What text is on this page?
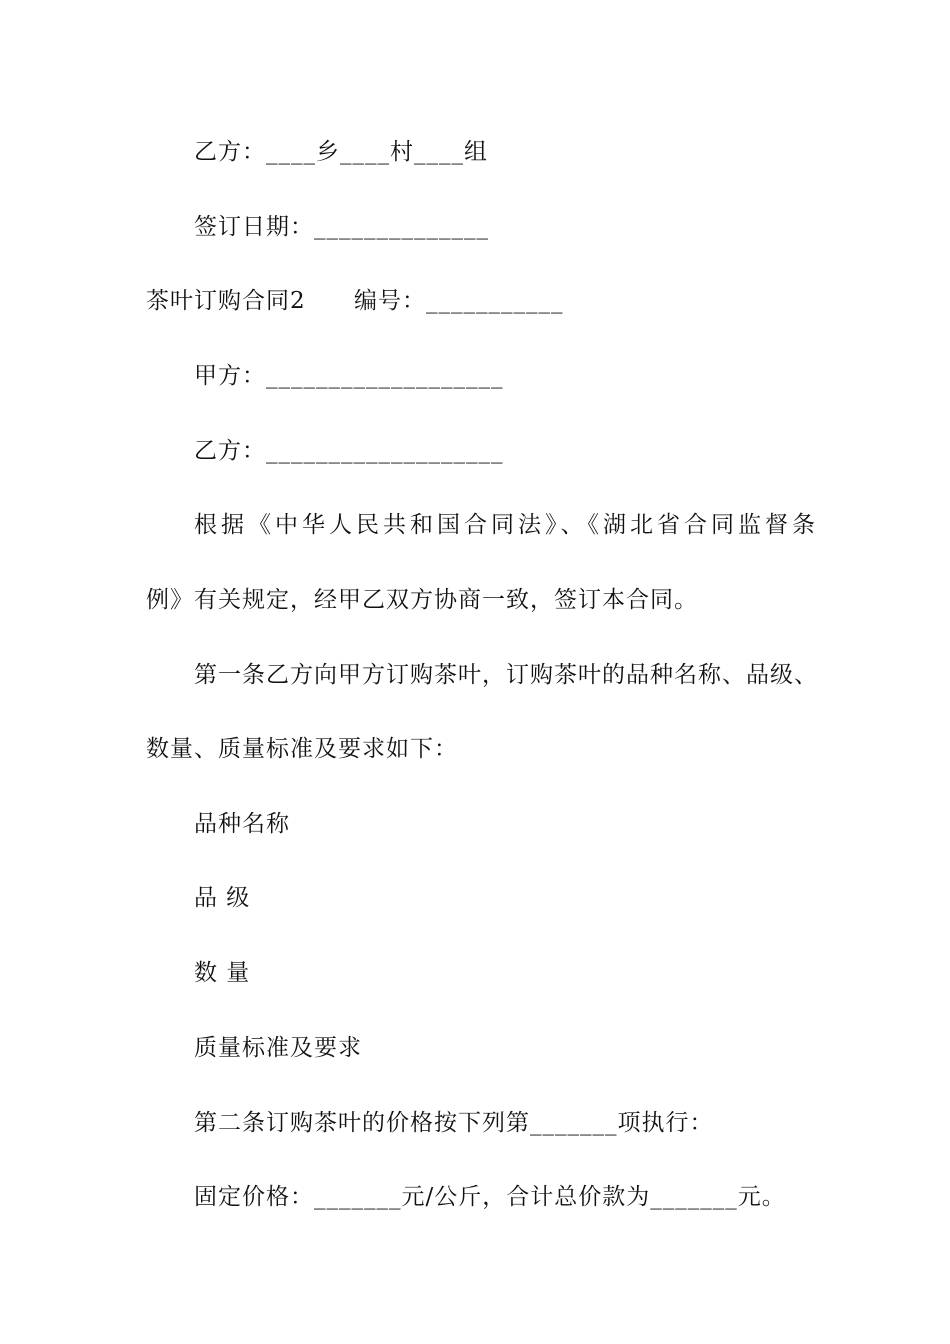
乙方：____乡____村____组
签订日期：______________
茶叶订购合同2 编号：___________
甲方：___________________
乙方：___________________
根据《中华人民共和国合同法》、《湖北省合同监督条
例》有关规定，经甲乙双方协商一致，签订本合同。
第一条乙方向甲方订购茶叶，订购茶叶的品种名称、品级、
数量、质量标准及要求如下：
品种名称
品 级
数 量
质量标准及要求
第二条订购茶叶的价格按下列第_______项执行：
固定价格：_______元/公斤，合计总价款为_______元。
